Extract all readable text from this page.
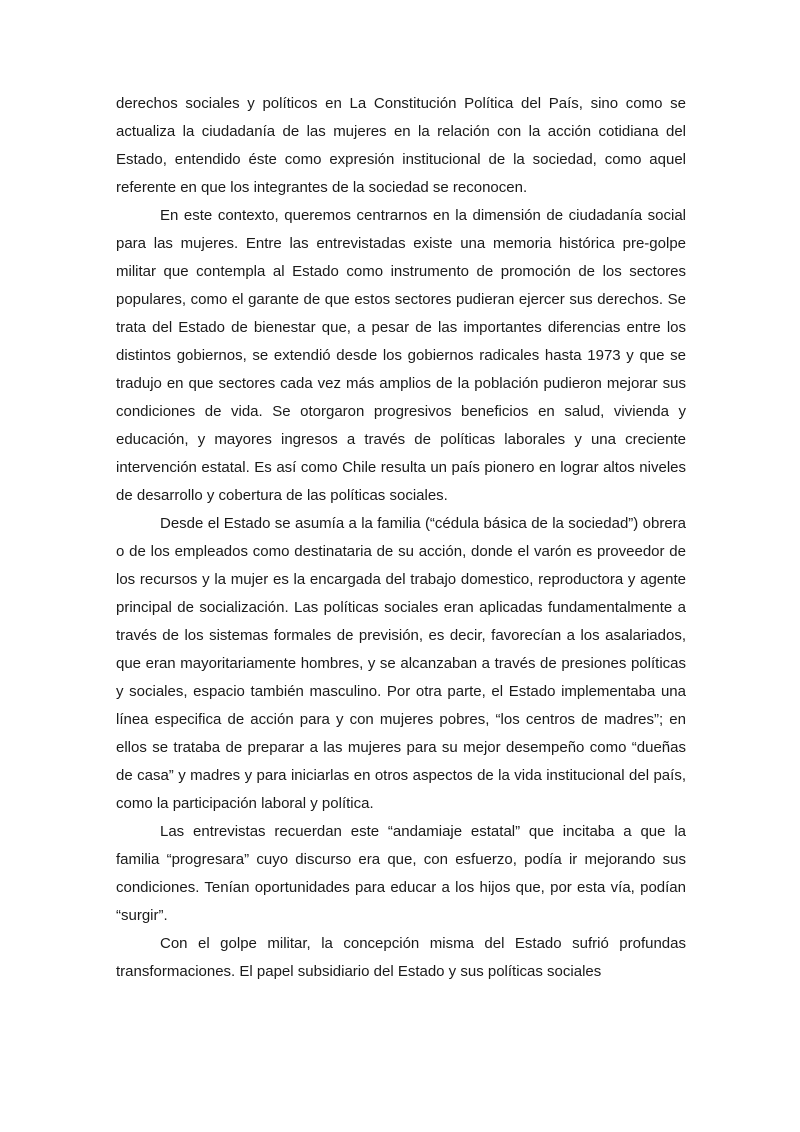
derechos sociales y políticos en La Constitución Política del País, sino como se actualiza la ciudadanía de las mujeres en la relación con la acción cotidiana del Estado, entendido éste como expresión institucional de la sociedad, como aquel referente en que los integrantes de la sociedad se reconocen.

En este contexto, queremos centrarnos en la dimensión de ciudadanía social para las mujeres. Entre las entrevistadas existe una memoria histórica pre-golpe militar que contempla al Estado como instrumento de promoción de los sectores populares, como el garante de que estos sectores pudieran ejercer sus derechos. Se trata del Estado de bienestar que, a pesar de las importantes diferencias entre los distintos gobiernos, se extendió desde los gobiernos radicales hasta 1973 y que se tradujo en que sectores cada vez más amplios de la población pudieron mejorar sus condiciones de vida. Se otorgaron progresivos beneficios en salud, vivienda y educación, y mayores ingresos a través de políticas laborales y una creciente intervención estatal. Es así como Chile resulta un país pionero en lograr altos niveles de desarrollo y cobertura de las políticas sociales.

Desde el Estado se asumía a la familia (“cédula básica de la sociedad”) obrera o de los empleados como destinataria de su acción, donde el varón es proveedor de los recursos y la mujer es la encargada del trabajo domestico, reproductora y agente principal de socialización. Las políticas sociales eran aplicadas fundamentalmente a través de los sistemas formales de previsión, es decir, favorecían a los asalariados, que eran mayoritariamente hombres, y se alcanzaban a través de presiones políticas y sociales, espacio también masculino. Por otra parte, el Estado implementaba una línea especifica de acción para y con mujeres pobres, “los centros de madres”; en ellos se trataba de preparar a las mujeres para su mejor desempeño como “dueñas de casa” y madres y para iniciarlas en otros aspectos de la vida institucional del país, como la participación laboral y política.

Las entrevistas recuerdan este “andamiaje estatal” que incitaba a que la familia “progresara” cuyo discurso era que, con esfuerzo, podía ir mejorando sus condiciones. Tenían oportunidades para educar a los hijos que, por esta vía, podían “surgir”.

Con el golpe militar, la concepción misma del Estado sufrió profundas transformaciones. El papel subsidiario del Estado y sus políticas sociales
